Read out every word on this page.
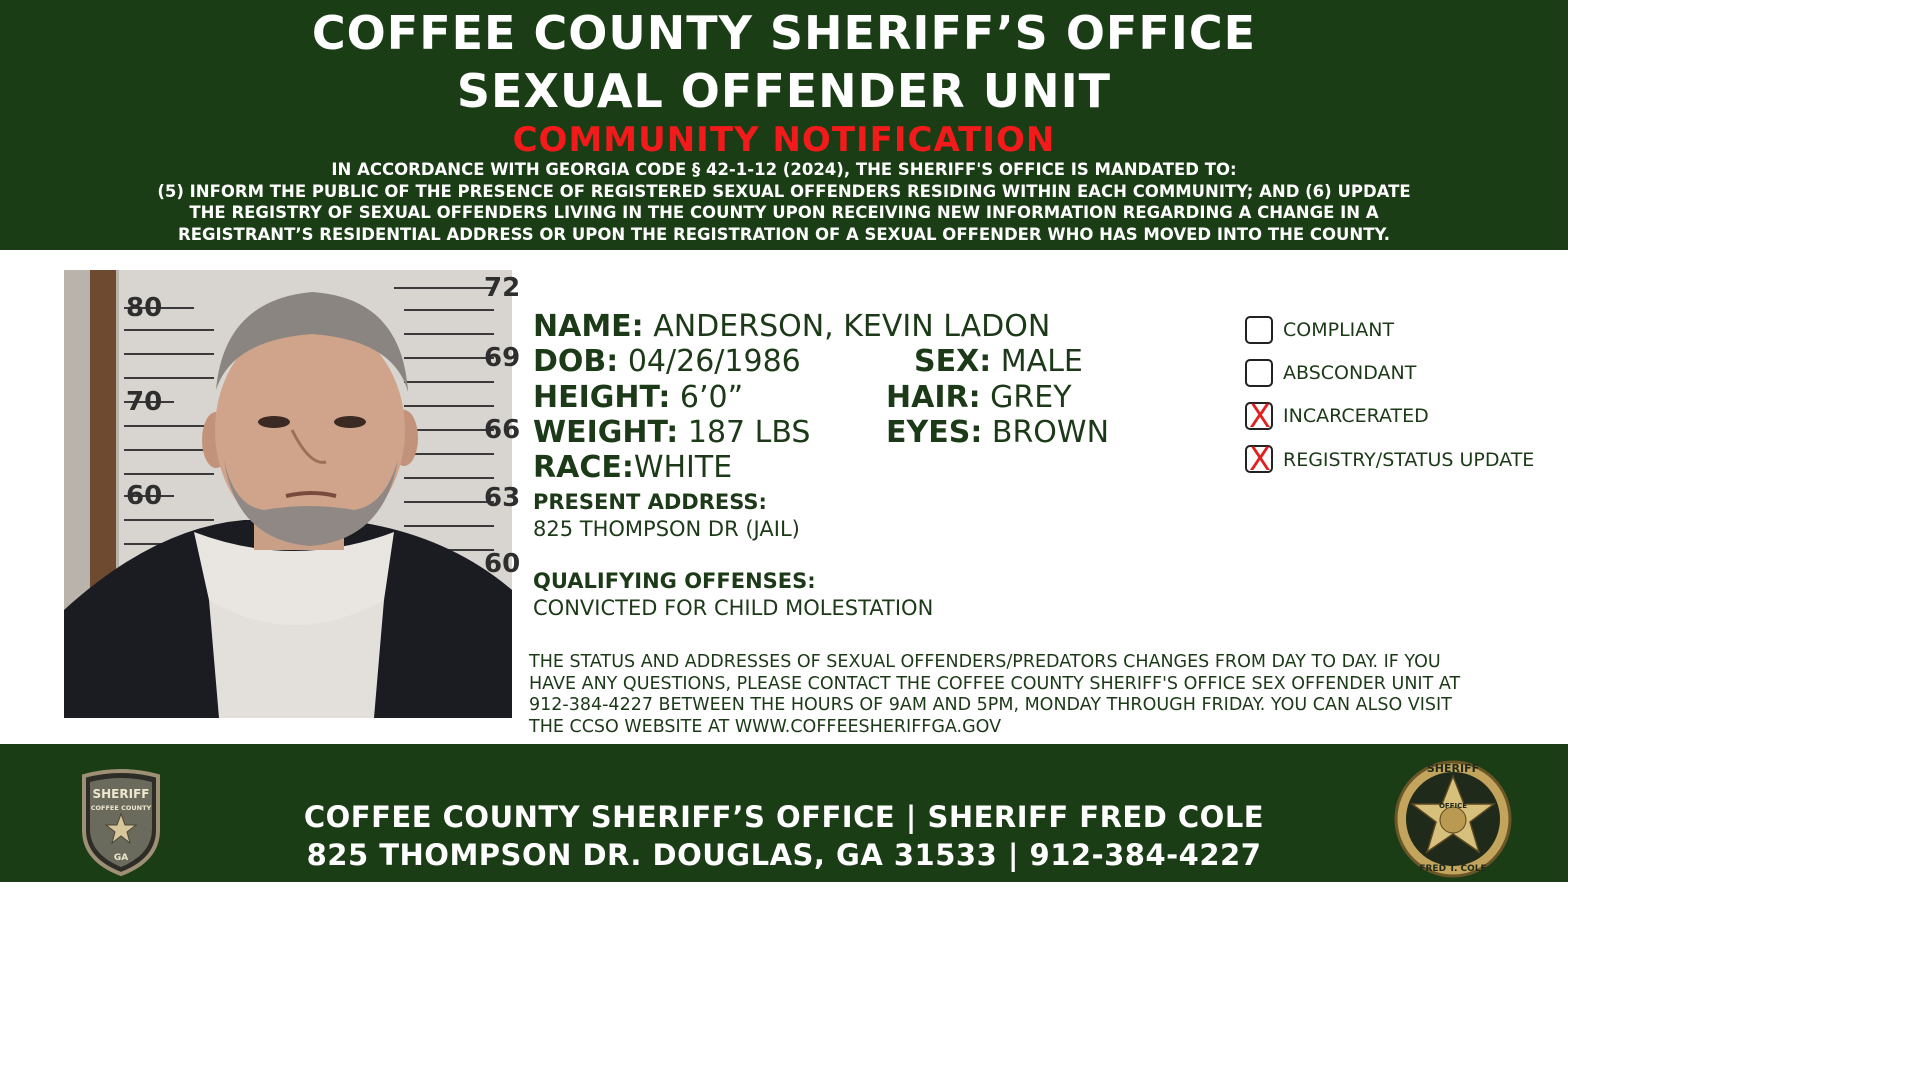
COFFEE COUNTY SHERIFF’S OFFICE
SEXUAL OFFENDER UNIT
COMMUNITY NOTIFICATION
IN ACCORDANCE WITH GEORGIA CODE § 42-1-12 (2024), THE SHERIFF'S OFFICE IS MANDATED TO:
(5) INFORM THE PUBLIC OF THE PRESENCE OF REGISTERED SEXUAL OFFENDERS RESIDING WITHIN EACH COMMUNITY; AND (6) UPDATE
THE REGISTRY OF SEXUAL OFFENDERS LIVING IN THE COUNTY UPON RECEIVING NEW INFORMATION REGARDING A CHANGE IN A
REGISTRANT’S RESIDENTIAL ADDRESS OR UPON THE REGISTRATION OF A SEXUAL OFFENDER WHO HAS MOVED INTO THE COUNTY.
80
70
60
72
69
66
63
60
NAME: ANDERSON, KEVIN LADON
DOB: 04/26/1986	SEX: MALE
HEIGHT: 6’0”	HAIR: GREY
WEIGHT: 187 LBS	EYES: BROWN
RACE:WHITE
PRESENT ADDRESS:
825 THOMPSON DR (JAIL)
QUALIFYING OFFENSES:
CONVICTED FOR CHILD MOLESTATION
COMPLIANT
ABSCONDANT
X INCARCERATED
X REGISTRY/STATUS UPDATE
THE STATUS AND ADDRESSES OF SEXUAL OFFENDERS/PREDATORS CHANGES FROM DAY TO DAY. IF YOU
HAVE ANY QUESTIONS, PLEASE CONTACT THE COFFEE COUNTY SHERIFF'S OFFICE SEX OFFENDER UNIT AT
912-384-4227 BETWEEN THE HOURS OF 9AM AND 5PM, MONDAY THROUGH FRIDAY. YOU CAN ALSO VISIT
THE CCSO WEBSITE AT WWW.COFFEESHERIFFGA.GOV
SHERIFF
COFFEE COUNTY
GA
SHERIFF
OFFICE
FRED T. COLE
COFFEE COUNTY SHERIFF’S OFFICE | SHERIFF FRED COLE
825 THOMPSON DR. DOUGLAS, GA 31533 | 912-384-4227
